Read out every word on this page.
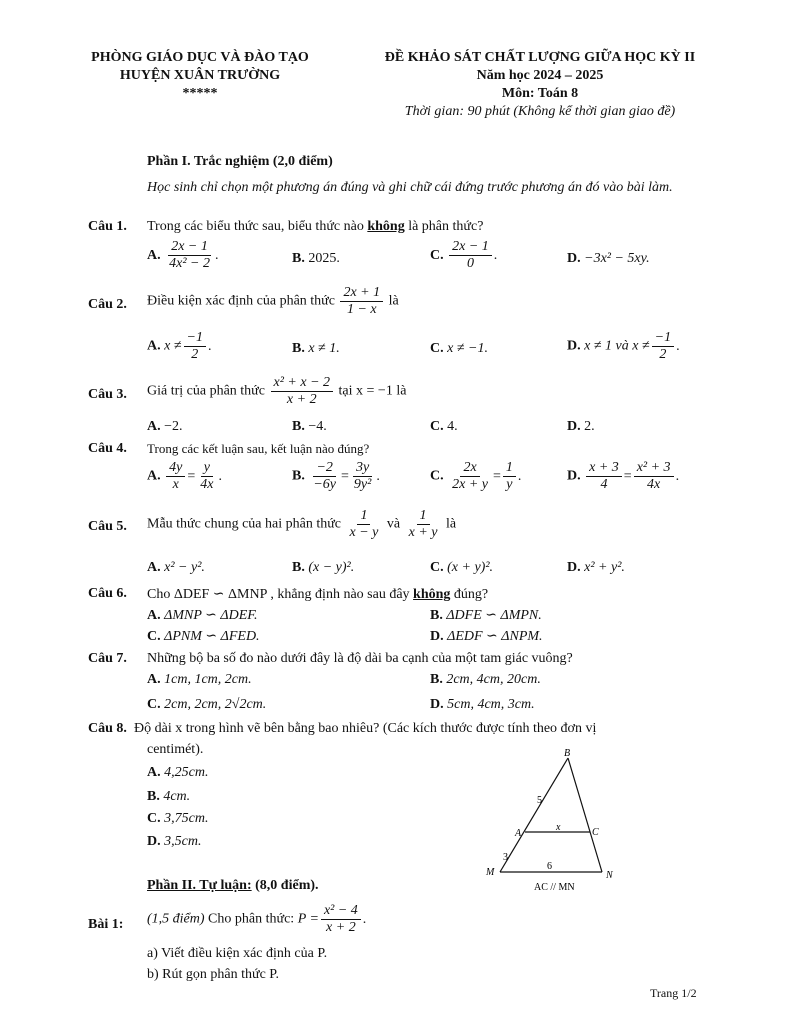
PHÒNG GIÁO DỤC VÀ ĐÀO TẠO
HUYỆN XUÂN TRƯỜNG
*****
ĐỀ KHẢO SÁT CHẤT LƯỢNG GIỮA HỌC KỲ II
Năm học 2024 – 2025
Môn: Toán 8
Thời gian: 90 phút (Không kể thời gian giao đề)
Phần I. Trắc nghiệm (2,0 điểm)
Học sinh chỉ chọn một phương án đúng và ghi chữ cái đứng trước phương án đó vào bài làm.
Câu 1. Trong các biểu thức sau, biểu thức nào không là phân thức?
A. $\frac{2x - 1}{\text{4x² − 2}}$ .	B. 2025.	C. $\frac{2x - 1}{0}$ .	D. −3x² − 5xy.
Câu 2. Điều kiện xác định của phân thức $\frac{2x + 1}{1 - x}$ là
A. $x \ne \frac{-1}{2}$ .	B. x ≠ 1.	C. x ≠ −1.	D. x ≠ 1 và $x \ne \frac{-1}{2}$ .
Câu 3. Giá trị của phân thức $\frac{\text{x² + x − 2}}{x + 2}$ tại x = −1 là
A. −2.	B. −4.	C. 4.	D. 2.
Câu 4. Trong các kết luận sau, kết luận nào đúng?
A. $\frac{4y}{x} = \frac{y}{4x}$ .	B. $\frac{-2}{-6y} = \frac{3y}{\text{9y²}}$ .	C. $\frac{2x}{2x + y} = \frac{1}{y}$ .	D. $\frac{x + 3}{4} = \frac{\text{x² + 3}}{4x}$ .
Câu 5. Mẫu thức chung của hai phân thức $\frac{1}{x - y}$ và $\frac{1}{x + y}$ là
A. x² − y².	B. (x − y)².	C. (x + y)².	D. x² + y².
Câu 6. Cho ΔDEF ∽ ΔMNP , khẳng định nào sau đây không đúng?
A. ΔMNP ∽ ΔDEF.	B. ΔDFE ∽ ΔMPN.
C. ΔPNM ∽ ΔFED.	D. ΔEDF ∽ ΔNPM.
Câu 7. Những bộ ba số đo nào dưới đây là độ dài ba cạnh của một tam giác vuông?
A. 1cm, 1cm, 2cm.	B. 2cm, 4cm, 20cm.
C. 2cm, 2cm, 2√2cm.	D. 5cm, 4cm, 3cm.
Câu 8. Độ dài x trong hình vẽ bên bằng bao nhiêu? (Các kích thước được tính theo đơn vị
centimét).
A. 4,25cm.
B. 4cm.
C. 3,75cm.
D. 3,5cm.
B
A	C
M	N
5
3
x
6
AC // MN
Phần II. Tự luận: (8,0 điểm).
Bài 1: (1,5 điểm) Cho phân thức: $P = \frac{\text{x² − 4}}{x + 2}$ .
a) Viết điều kiện xác định của P.
b) Rút gọn phân thức P.
Trang 1/2
